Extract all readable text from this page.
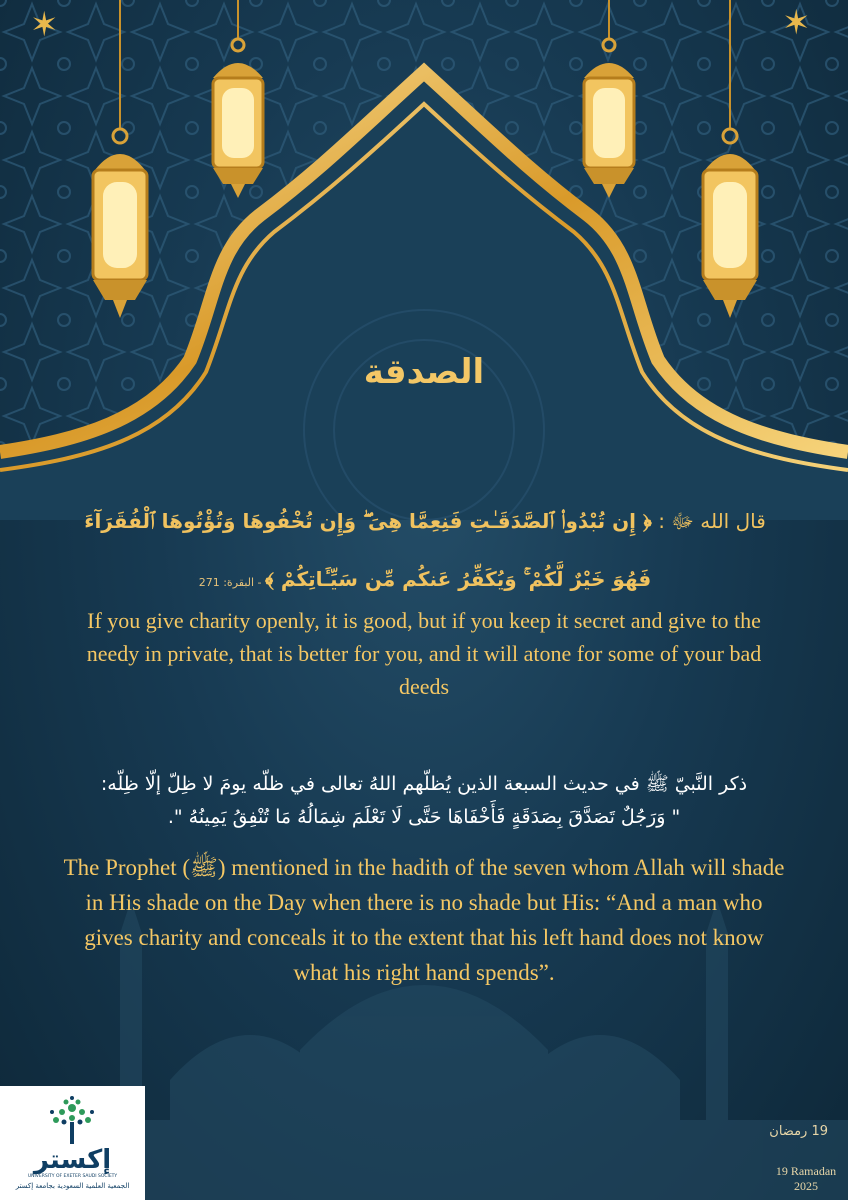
✶	✶
الصدقة
قال الله ﷻ : ﴿ إِن تُبْدُوا۟ ٱلصَّدَقَـٰتِ فَنِعِمَّا هِىَ ۖ وَإِن تُخْفُوهَا وَتُؤْتُوهَا ٱلْفُقَرَآءَ فَهُوَ خَيْرٌ لَّكُمْ ۚ وَيُكَفِّرُ عَنكُم مِّن سَيِّـَٔاتِكُمْ ﴾ - البقرة: 271
If you give charity openly, it is good, but if you keep it secret and give to the needy in private, that is better for you, and it will atone for some of your bad deeds
ذكر النَّبيّ ﷺ في حديث السبعة الذين يُظلّهم اللهُ تعالى في ظلّه يومَ لا ظِلّ إلّا ظِلّه:
" وَرَجُلٌ تَصَدَّقَ بِصَدَقَةٍ فَأَخْفَاهَا حَتَّى لَا تَعْلَمَ شِمَالُهُ مَا تُنْفِقُ يَمِينُهُ ".
The Prophet (ﷺ) mentioned in the hadith of the seven whom Allah will shade in His shade on the Day when there is no shade but His: “And a man who gives charity and conceals it to the extent that his left hand does not know what his right hand spends”.
إكستر
UNIVERSITY OF EXETER SAUDI SOCIETY
الجمعية العلمية السعودية بجامعة إكستر
19 رمضان
19 Ramadan
2025
